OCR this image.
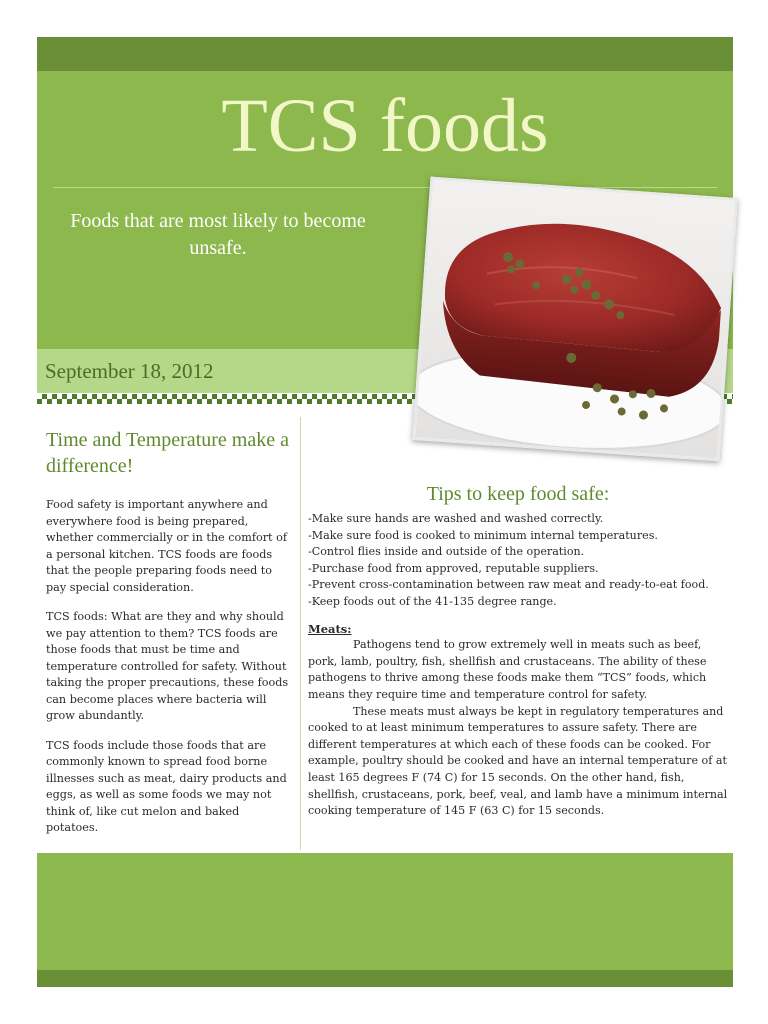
TCS foods
Foods that are most likely to become unsafe.
September 18, 2012
Time and Temperature make a difference!

Food safety is important anywhere and everywhere food is being prepared, whether commercially or in the comfort of a personal kitchen. TCS foods are foods that the people preparing foods need to pay special consideration.

TCS foods: What are they and why should we pay attention to them? TCS foods are those foods that must be time and temperature controlled for safety. Without taking the proper precautions, these foods can become places where bacteria will grow abundantly.

TCS foods include those foods that are commonly known to spread food borne illnesses such as meat, dairy products and eggs, as well as some foods we may not think of, like cut melon and baked potatoes.

Tips to keep food safe:
-Make sure hands are washed and washed correctly.
-Make sure food is cooked to minimum internal temperatures.
-Control flies inside and outside of the operation.
-Purchase food from approved, reputable suppliers.
-Prevent cross-contamination between raw meat and ready-to-eat food.
-Keep foods out of the 41-135 degree range.
Meats:

Pathogens tend to grow extremely well in meats such as beef, pork, lamb, poultry, fish, shellfish and crustaceans. The ability of these pathogens to thrive among these foods make them “TCS” foods, which means they require time and temperature control for safety.

These meats must always be kept in regulatory temperatures and cooked to at least minimum temperatures to assure safety. There are different temperatures at which each of these foods can be cooked. For example, poultry should be cooked and have an internal temperature of at least 165 degrees F (74 C) for 15 seconds. On the other hand, fish, shellfish, crustaceans, pork, beef, veal, and lamb have a minimum internal cooking temperature of 145 F (63 C) for 15 seconds.
